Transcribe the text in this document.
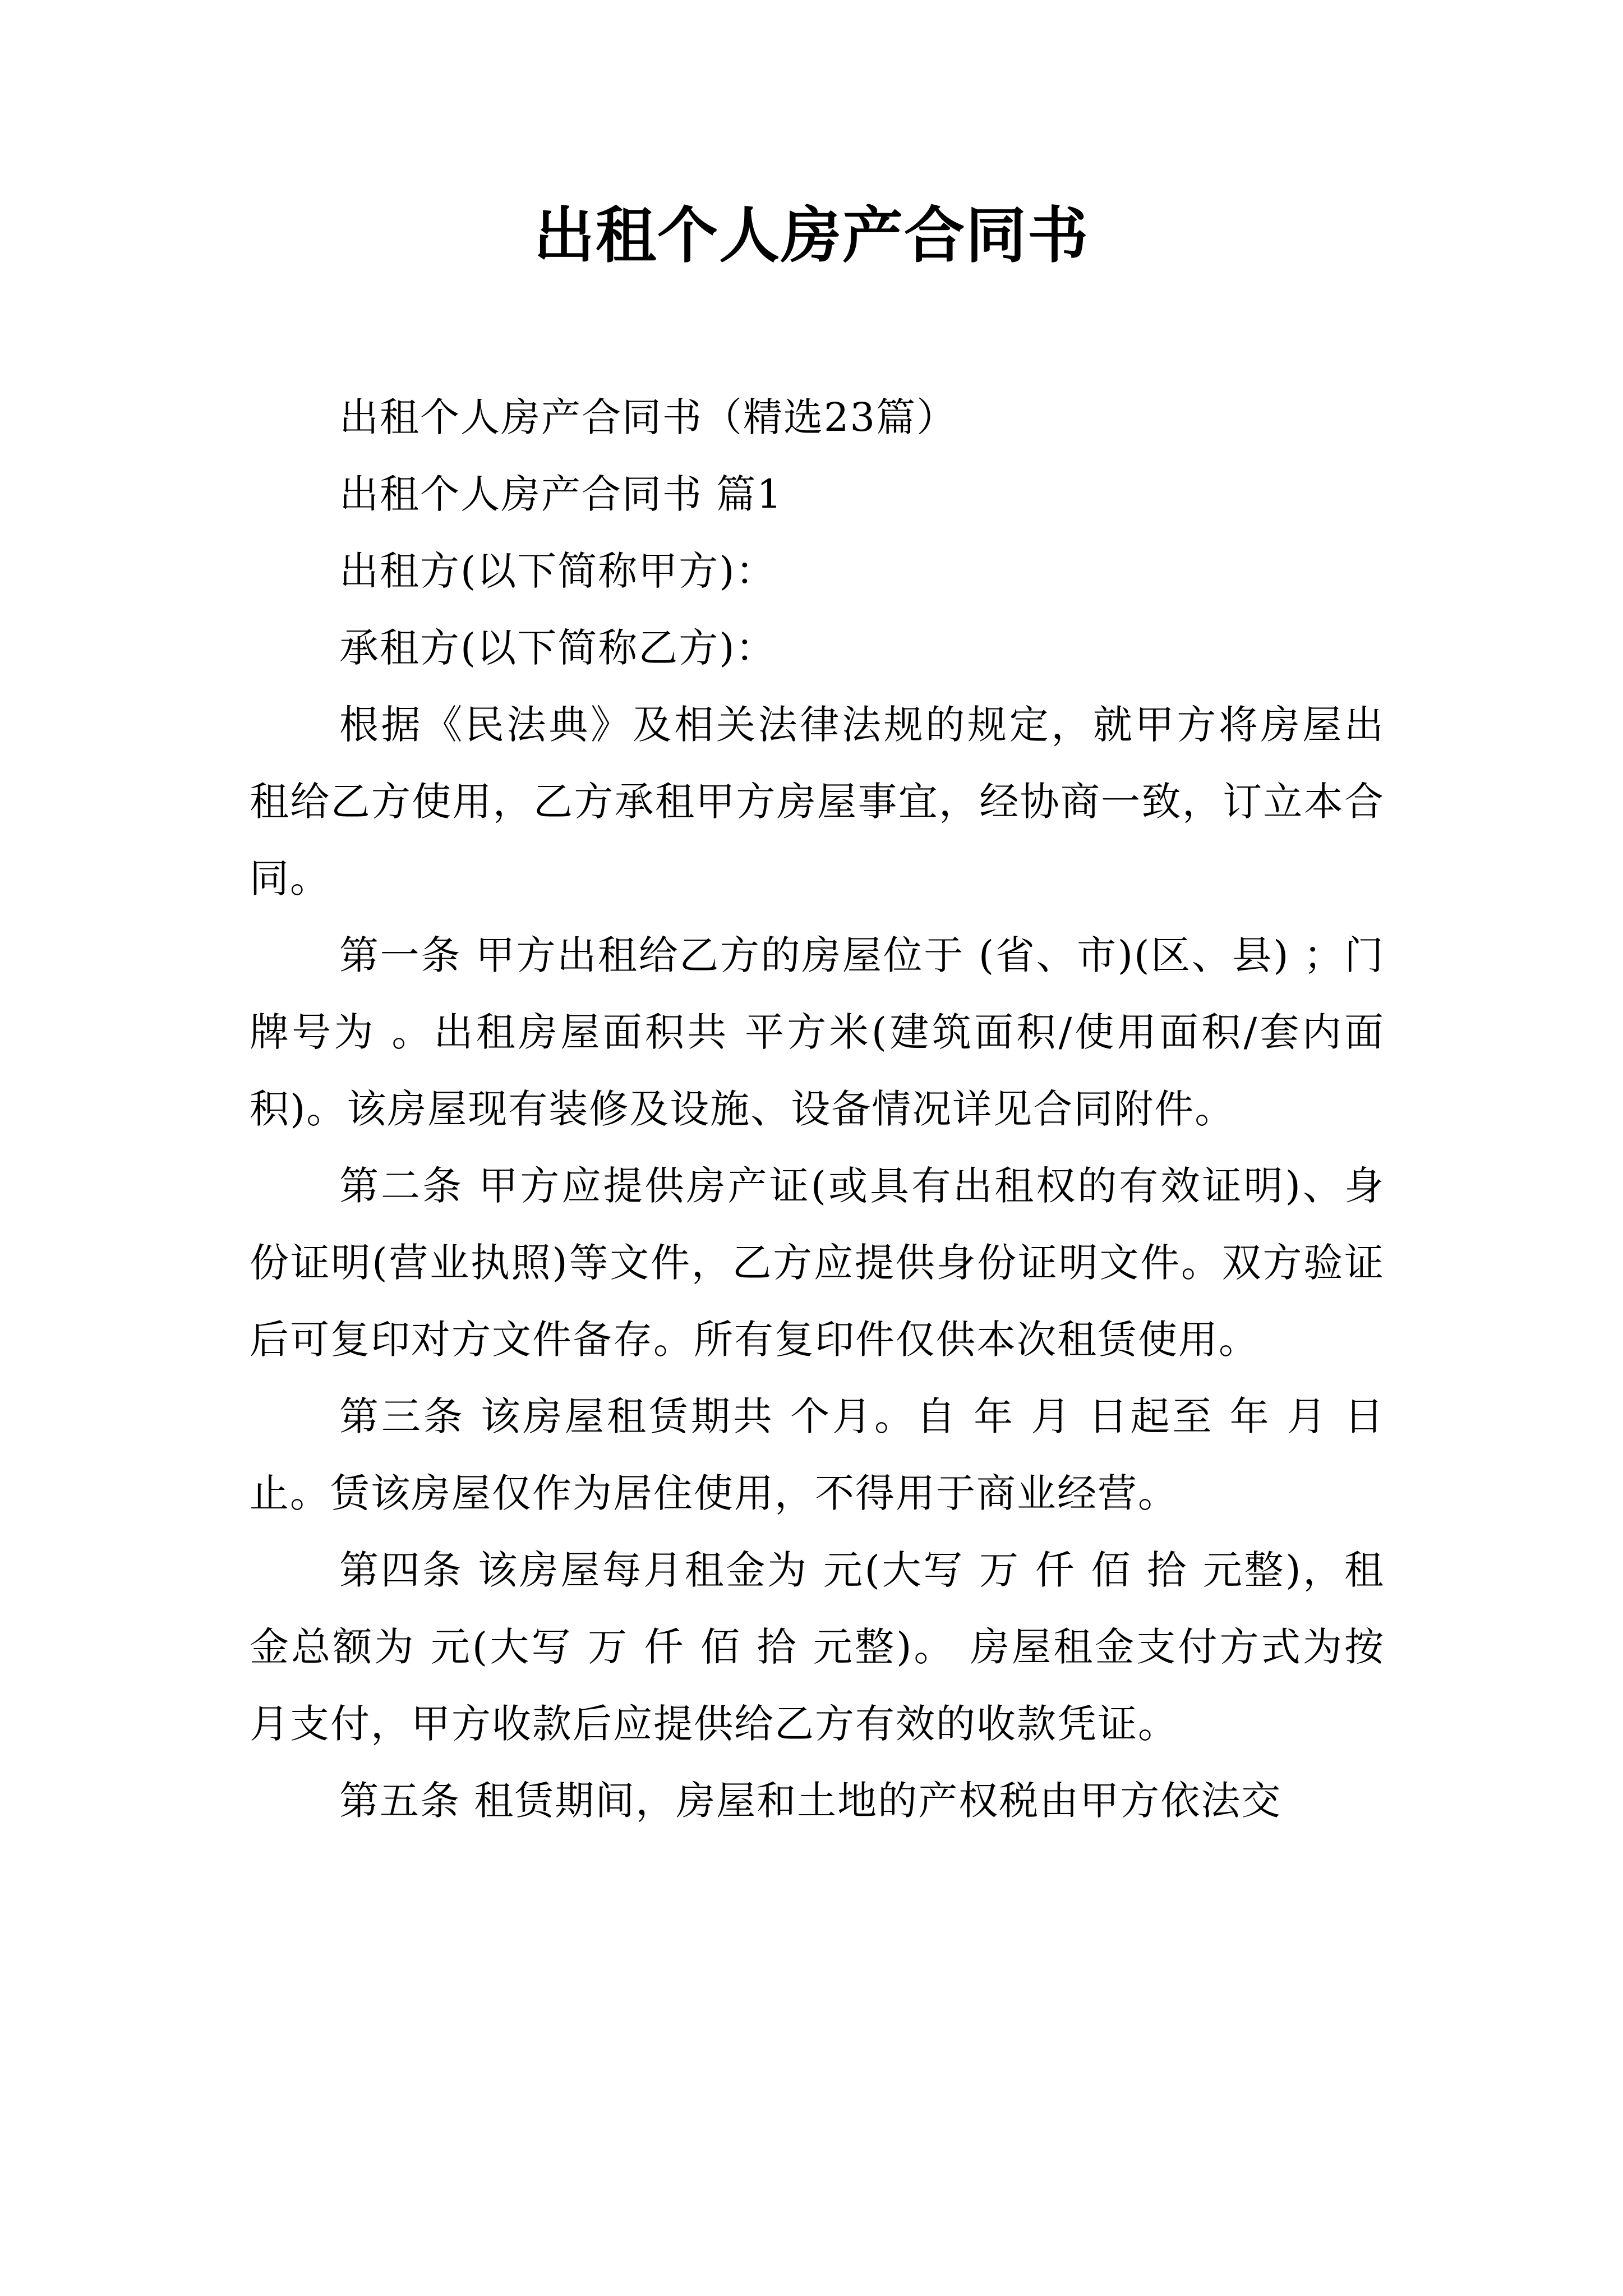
出租个人房产合同书

出租个人房产合同书（精选23篇）

出租个人房产合同书 篇1

出租方(以下简称甲方)：

承租方(以下简称乙方)：

根据《民法典》及相关法律法规的规定，就甲方将房屋出租给乙方使用，乙方承租甲方房屋事宜，经协商一致，订立本合同。

第一条 甲方出租给乙方的房屋位于 (省、市)(区、县) ；门牌号为 。出租房屋面积共 平方米(建筑面积/使用面积/套内面积)。该房屋现有装修及设施、设备情况详见合同附件。

第二条 甲方应提供房产证(或具有出租权的有效证明)、身份证明(营业执照)等文件，乙方应提供身份证明文件。双方验证后可复印对方文件备存。所有复印件仅供本次租赁使用。

第三条 该房屋租赁期共 个月。自 年 月 日起至 年 月 日止。赁该房屋仅作为居住使用，不得用于商业经营。

第四条 该房屋每月租金为 元(大写 万 仟 佰 拾 元整)，租金总额为 元(大写 万 仟 佰 拾 元整)。 房屋租金支付方式为按月支付，甲方收款后应提供给乙方有效的收款凭证。

第五条 租赁期间，房屋和土地的产权税由甲方依法交
